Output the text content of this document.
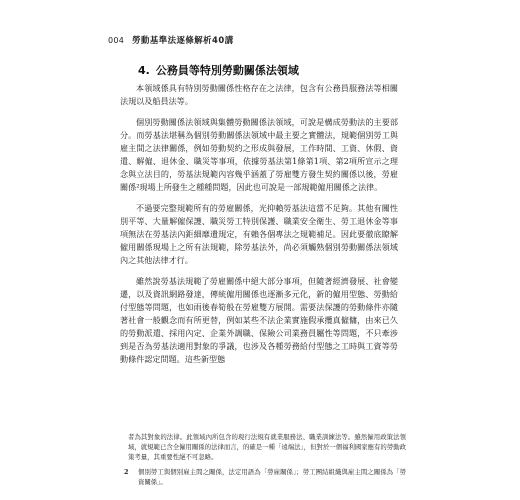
004 勞動基準法逐條解析40講
4. 公務員等特別勞動關係法領域

本領域係具有特別勞動關係性格存在之法律，包含有公務員服務法等相關法規以及船員法等。

個別勞動關係法領域與集體勞動關係法領域，可說是構成勞動法的主要部分。而勞基法堪稱為個別勞動關係法領域中最主要之實體法，規範個別勞工與雇主間之法律關係，例如勞動契約之形成與發展，工作時間、工資、休假、資遣、解僱、退休金、職災等事項，依據勞基法第1條第1項、第2項所宣示之理念與立法目的，勞基法規範內容幾乎涵蓋了勞雇雙方發生契約關係以後，勞雇關係²現場上所發生之種種問題，因此也可說是一部規範僱用關係之法律。

不過要完整規範所有的勞雇關係，光抑賴勞基法這當不足夠。其他有關性別平等、大量解僱保護、職災勞工特別保護、職業安全衛生、勞工退休金等事項無法在勞基法內鉅細靡遺規定，有賴各個專法之規範補足。因此要徹底瞭解僱用關係現場上之所有法規範，除勞基法外，尚必須觸熟個別勞動關係法領域內之其他法律才行。

雖然說勞基法規範了勞雇關係中絕大部分事項，但隨著經濟發展、社會變遷，以及資訊網路發達，傳統僱用關係也逐漸多元化，新的僱用型態、勞動給付型態等問題，也如雨後春筍般在勞雇雙方展開。需要法保護的勞動條件亦隨著社會一般觀念而有所更替，例如某些不法企業實施假承攬真僱傭，由來已久的勞動派遣、採用內定、企業外調職、保險公司業務員屬性等問題，不只牽涉到是否為勞基法適用對象的爭議，也涉及各種勞務給付型態之工時與工資等勞動條件認定問題。這些新型態

者為其對象的法律。此領域內所包含的現行法規有就業服務法、職業訓練法等。雖然僱用政策法領域，就規範已含全僱用關係的法律而言，的確是一種「遠端法」，但對於一個福利國家應有的勞動政策考量，其重要性絕不可忽略。

2 個別勞工與個別雇主間之關係，法定用語為「勞雇關係」；勞工團結組織與雇主間之關係為「勞資關係」。
